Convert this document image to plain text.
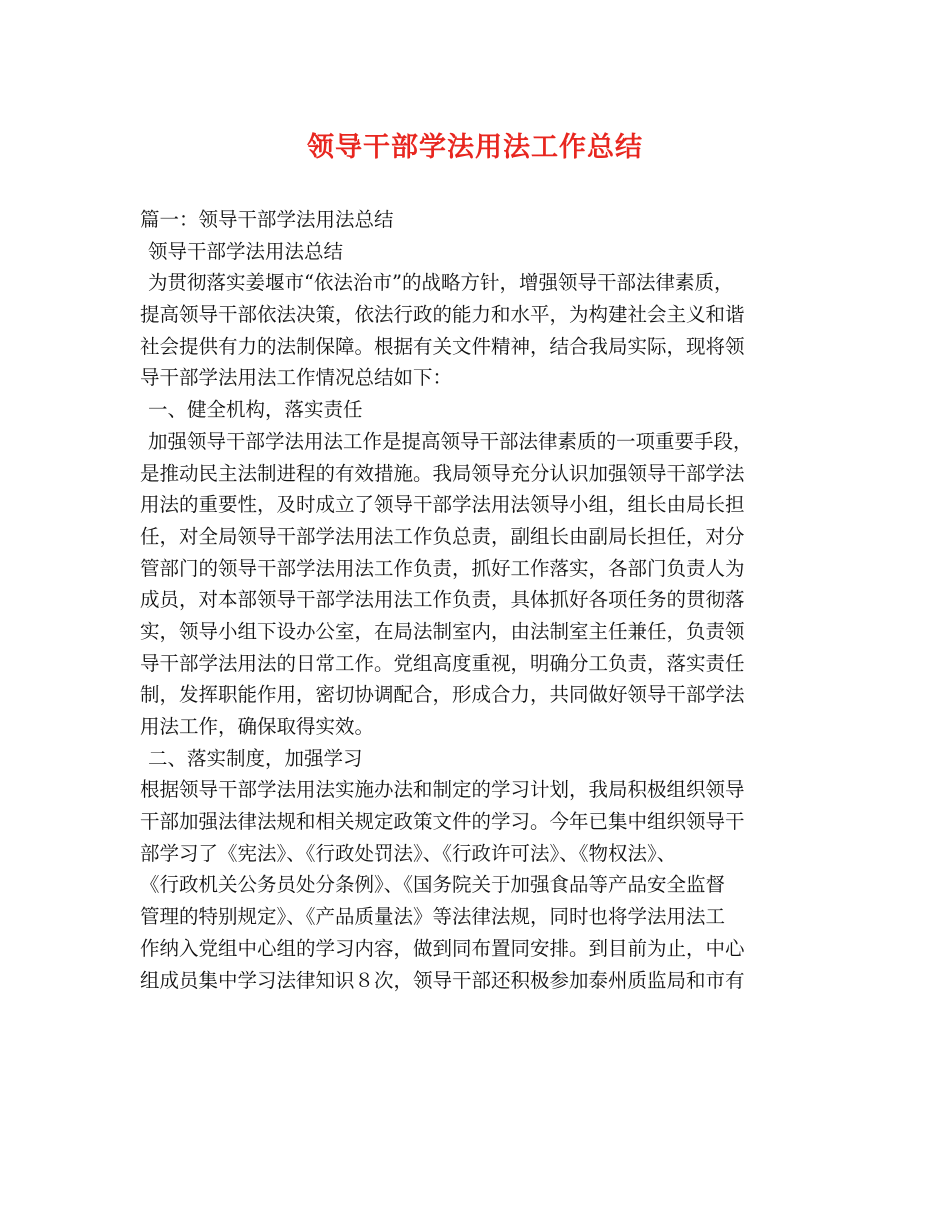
领导干部学法用法工作总结
篇一：领导干部学法用法总结
领导干部学法用法总结
为贯彻落实姜堰市“依法治市”的战略方针，增强领导干部法律素质，
提高领导干部依法决策，依法行政的能力和水平，为构建社会主义和谐
社会提供有力的法制保障。根据有关文件精神，结合我局实际，现将领
导干部学法用法工作情况总结如下：
一、健全机构，落实责任
加强领导干部学法用法工作是提高领导干部法律素质的一项重要手段，
是推动民主法制进程的有效措施。我局领导充分认识加强领导干部学法
用法的重要性，及时成立了领导干部学法用法领导小组，组长由局长担
任，对全局领导干部学法用法工作负总责，副组长由副局长担任，对分
管部门的领导干部学法用法工作负责，抓好工作落实，各部门负责人为
成员，对本部领导干部学法用法工作负责，具体抓好各项任务的贯彻落
实，领导小组下设办公室，在局法制室内，由法制室主任兼任，负责领
导干部学法用法的日常工作。党组高度重视，明确分工负责，落实责任
制，发挥职能作用，密切协调配合，形成合力，共同做好领导干部学法
用法工作，确保取得实效。
二、落实制度，加强学习
根据领导干部学法用法实施办法和制定的学习计划，我局积极组织领导
干部加强法律法规和相关规定政策文件的学习。今年已集中组织领导干
部学习了《宪法》、《行政处罚法》、《行政许可法》、《物权法》、
《行政机关公务员处分条例》、《国务院关于加强食品等产品安全监督
管理的特别规定》、《产品质量法》等法律法规，同时也将学法用法工
作纳入党组中心组的学习内容，做到同布置同安排。到目前为止，中心
组成员集中学习法律知识８次，领导干部还积极参加泰州质监局和市有
